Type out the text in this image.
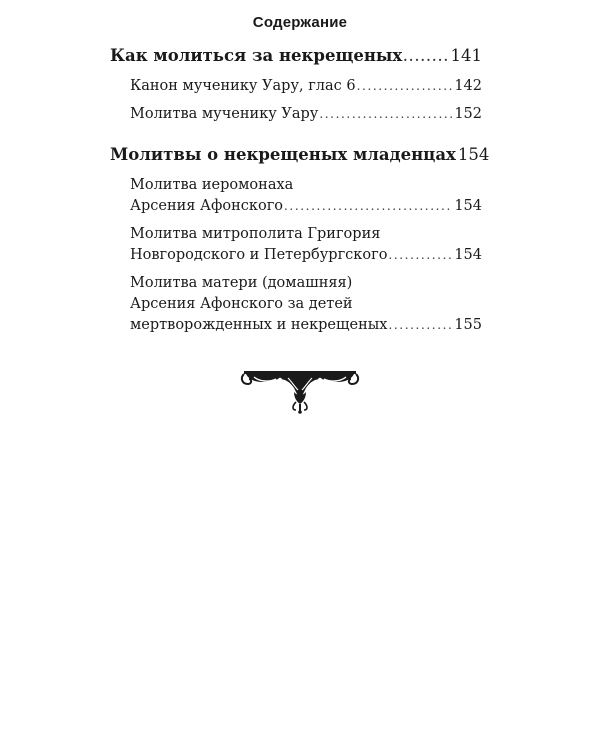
Содержание
Как молиться за некрещеных .....	141
Канон мученику Уару, глас 6 .....	142
Молитва мученику Уару .....	152
Молитвы о некрещеных младенцах 154
Молитва иеромонаха
Арсения Афонского .....	154
Молитва митрополита Григория
Новгородского и Петербургского .....	154
Молитва матери (домашняя)
Арсения Афонского за детей
мертворожденных и некрещеных .....	155
